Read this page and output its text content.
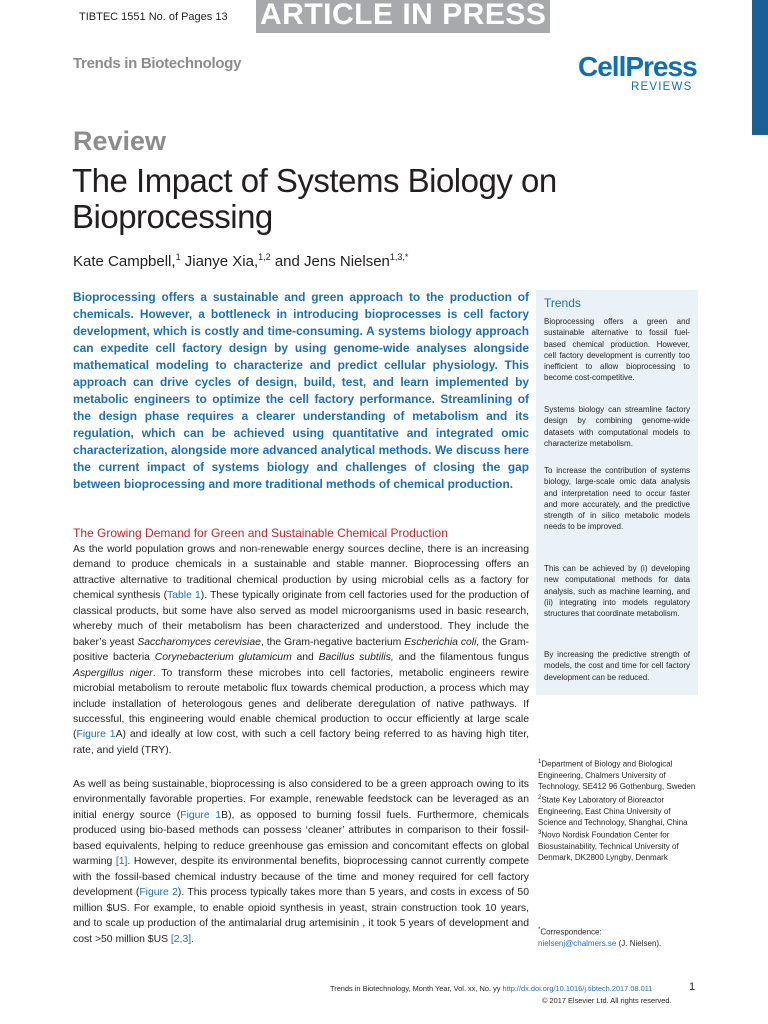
TIBTEC 1551 No. of Pages 13 ARTICLE IN PRESS
Trends in Biotechnology	CellPress
REVIEWS
Review
The Impact of Systems Biology on Bioprocessing
Kate Campbell,$^1$ Jianye Xia,$^{1,2}$ and Jens Nielsen$^{1,3,*}$
Bioprocessing offers a sustainable and green approach to the production of chemicals. However, a bottleneck in introducing bioprocesses is cell factory development, which is costly and time-consuming. A systems biology approach can expedite cell factory design by using genome-wide analyses alongside mathematical modeling to characterize and predict cellular physiology. This approach can drive cycles of design, build, test, and learn implemented by metabolic engineers to optimize the cell factory performance. Streamlining of the design phase requires a clearer understanding of metabolism and its regulation, which can be achieved using quantitative and integrated omic characterization, alongside more advanced analytical methods. We discuss here the current impact of systems biology and challenges of closing the gap between bioprocessing and more traditional methods of chemical production.
The Growing Demand for Green and Sustainable Chemical Production
As the world population grows and non-renewable energy sources decline, there is an increasing demand to produce chemicals in a sustainable and stable manner. Bioprocessing offers an attractive alternative to traditional chemical production by using microbial cells as a factory for chemical synthesis (Table 1). These typically originate from cell factories used for the production of classical products, but some have also served as model microorganisms used in basic research, whereby much of their metabolism has been characterized and understood. They include the baker’s yeast Saccharomyces cerevisiae, the Gram-negative bacterium Escherichia coli, the Gram-positive bacteria Corynebacterium glutamicum and Bacillus subtilis, and the filamentous fungus Aspergillus niger. To transform these microbes into cell factories, metabolic engineers rewire microbial metabolism to reroute metabolic flux towards chemical production, a process which may include installation of heterologous genes and deliberate deregulation of native pathways. If successful, this engineering would enable chemical production to occur efficiently at large scale (Figure 1A) and ideally at low cost, with such a cell factory being referred to as having high titer, rate, and yield (TRY).
As well as being sustainable, bioprocessing is also considered to be a green approach owing to its environmentally favorable properties. For example, renewable feedstock can be leveraged as an initial energy source (Figure 1B), as opposed to burning fossil fuels. Furthermore, chemicals produced using bio-based methods can possess ‘cleaner’ attributes in comparison to their fossil-based equivalents, helping to reduce greenhouse gas emission and concomitant effects on global warming [1]. However, despite its environmental benefits, bioprocessing cannot currently compete with the fossil-based chemical industry because of the time and money required for cell factory development (Figure 2). This process typically takes more than 5 years, and costs in excess of 50 million $US. For example, to enable opioid synthesis in yeast, strain construction took 10 years, and to scale up production of the antimalarial drug artemisinin , it took 5 years of development and cost >50 million $US [2,3].
Trends
Bioprocessing offers a green and sustainable alternative to fossil fuel-based chemical production. However, cell factory development is currently too inefficient to allow bioprocessing to become cost-competitive.
Systems biology can streamline factory design by combining genome-wide datasets with computational models to characterize metabolism.
To increase the contribution of systems biology, large-scale omic data analysis and interpretation need to occur faster and more accurately, and the predictive strength of in silico metabolic models needs to be improved.
This can be achieved by (i) developing new computational methods for data analysis, such as machine learning, and (ii) integrating into models regulatory structures that coordinate metabolism.
By increasing the predictive strength of models, the cost and time for cell factory development can be reduced.
$^1$Department of Biology and Biological Engineering, Chalmers University of Technology, SE412 96 Gothenburg, Sweden
$^2$State Key Laboratory of Bioreactor Engineering, East China University of Science and Technology, Shanghai, China
$^3$Novo Nordisk Foundation Center for Biosustainability, Technical University of Denmark, DK2800 Lyngby, Denmark
*Correspondence:
nielsenj@chalmers.se (J. Nielsen).
Trends in Biotechnology, Month Year, Vol. xx, No. yy http://dx.doi.org/10.1016/j.tibtech.2017.08.011	1
© 2017 Elsevier Ltd. All rights reserved.
